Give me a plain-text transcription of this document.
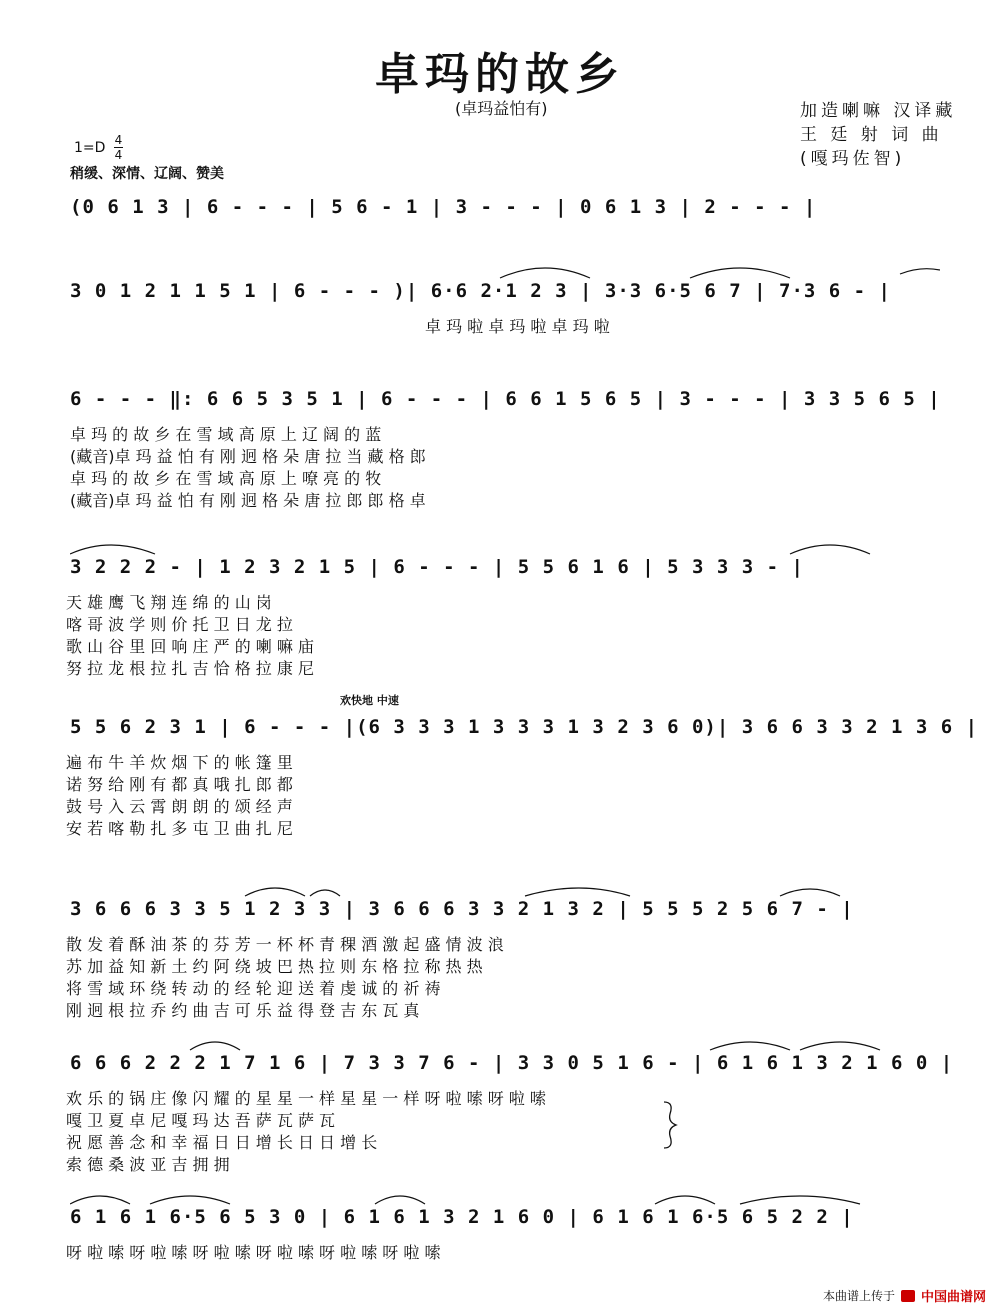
卓玛的故乡
(卓玛益怕有)	加造喇嘛 汉译藏
王 廷 射 词 曲
(嘎玛佐智)
1=D 4
4
稍缓、深情、辽阔、赞美
(0 6 1 3 | 6 - - - | 5 6 - 1 | 3 - - - | 0 6 1 3 | 2 - - - |
3 0 1 2 1 1 5 1 | 6 - - - )| 6·6 2·1 2 3 | 3·3 6·5 6 7 | 7·3 6 - |
卓 玛 啦 卓 玛 啦 卓 玛 啦
6 - - - ‖: 6 6 5 3 5 1 | 6 - - - | 6 6 1 5 6 5 | 3 - - - | 3 3 5 6 5 |
卓 玛 的 故 乡 在 雪 域 高 原 上 辽 阔 的 蓝
(藏音)卓 玛 益 怕 有 刚 迥 格 朵 唐 拉 当 藏 格 郎
卓 玛 的 故 乡 在 雪 域 高 原 上 嘹 亮 的 牧
(藏音)卓 玛 益 怕 有 刚 迥 格 朵 唐 拉 郎 郎 格 卓
3 2 2 2 - | 1 2 3 2 1 5 | 6 - - - | 5 5 6 1 6 | 5 3 3 3 - |
天 雄 鹰 飞 翔 连 绵 的 山 岗
喀 哥 波 学 则 价 托 卫 日 龙 拉
歌 山 谷 里 回 响 庄 严 的 喇 嘛 庙
努 拉 龙 根 拉 扎 吉 恰 格 拉 康 尼
欢快地 中速
5 5 6 2 3 1 | 6 - - - |(6 3 3 3 1 3 3 3 1 3 2 3 6 0)| 3 6 6 3 3 2 1 3 6 |
遍 布 牛 羊 炊 烟 下 的 帐 篷 里
诺 努 给 刚 有 都 真 哦 扎 郎 都
鼓 号 入 云 霄 朗 朗 的 颂 经 声
安 若 喀 勒 扎 多 屯 卫 曲 扎 尼
3 6 6 6 3 3 5 1 2 3 3 | 3 6 6 6 3 3 2 1 3 2 | 5 5 5 2 5 6 7 - |
散 发 着 酥 油 茶 的 芬 芳 一 杯 杯 青 稞 酒 激 起 盛 情 波 浪
苏 加 益 知 新 土 约 阿 绕 坡 巴 热 拉 则 东 格 拉 称 热 热
将 雪 域 环 绕 转 动 的 经 轮 迎 送 着 虔 诚 的 祈 祷
刚 迥 根 拉 乔 约 曲 吉 可 乐 益 得 登 吉 东 瓦 真
6 6 6 2 2 2 1 7 1 6 | 7 3 3 7 6 - | 3 3 0 5 1 6 - | 6 1 6 1 3 2 1 6 0 |
欢 乐 的 锅 庄 像 闪 耀 的 星 星 一 样 星 星 一 样 呀 啦 嗦 呀 啦 嗦
嘎 卫 夏 卓 尼 嘎 玛 达 吾 萨 瓦 萨 瓦
祝 愿 善 念 和 幸 福 日 日 增 长 日 日 增 长
索 德 桑 波 亚 吉 拥 拥
6 1 6 1 6·5 6 5 3 0 | 6 1 6 1 3 2 1 6 0 | 6 1 6 1 6·5 6 5 2 2 |
呀 啦 嗦 呀 啦 嗦 呀 啦 嗦 呀 啦 嗦 呀 啦 嗦 呀 啦 嗦
本曲谱上传于 中国曲谱网
